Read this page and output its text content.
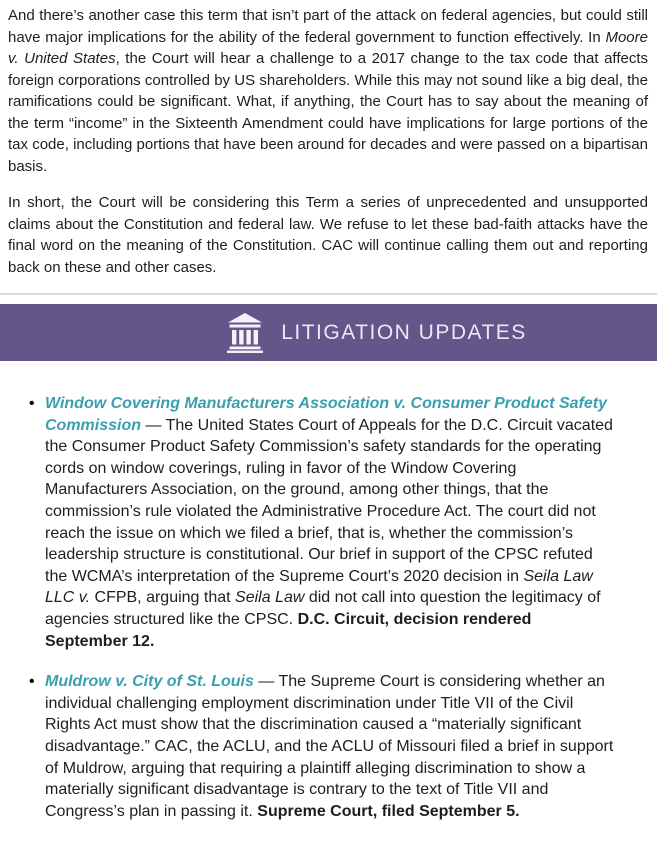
And there’s another case this term that isn’t part of the attack on federal agencies, but could still have major implications for the ability of the federal government to function effectively. In Moore v. United States, the Court will hear a challenge to a 2017 change to the tax code that affects foreign corporations controlled by US shareholders. While this may not sound like a big deal, the ramifications could be significant. What, if anything, the Court has to say about the meaning of the term “income” in the Sixteenth Amendment could have implications for large portions of the tax code, including portions that have been around for decades and were passed on a bipartisan basis.

In short, the Court will be considering this Term a series of unprecedented and unsupported claims about the Constitution and federal law. We refuse to let these bad-faith attacks have the final word on the meaning of the Constitution. CAC will continue calling them out and reporting back on these and other cases.

LITIGATION UPDATES
• Window Covering Manufacturers Association v. Consumer Product Safety Commission — The United States Court of Appeals for the D.C. Circuit vacated the Consumer Product Safety Commission’s safety standards for the operating cords on window coverings, ruling in favor of the Window Covering Manufacturers Association, on the ground, among other things, that the commission’s rule violated the Administrative Procedure Act. The court did not reach the issue on which we filed a brief, that is, whether the commission’s leadership structure is constitutional. Our brief in support of the CPSC refuted the WCMA’s interpretation of the Supreme Court’s 2020 decision in Seila Law LLC v. CFPB, arguing that Seila Law did not call into question the legitimacy of agencies structured like the CPSC. D.C. Circuit, decision rendered September 12.
• Muldrow v. City of St. Louis — The Supreme Court is considering whether an individual challenging employment discrimination under Title VII of the Civil Rights Act must show that the discrimination caused a “materially significant disadvantage.” CAC, the ACLU, and the ACLU of Missouri filed a brief in support of Muldrow, arguing that requiring a plaintiff alleging discrimination to show a materially significant disadvantage is contrary to the text of Title VII and Congress’s plan in passing it. Supreme Court, filed September 5.
